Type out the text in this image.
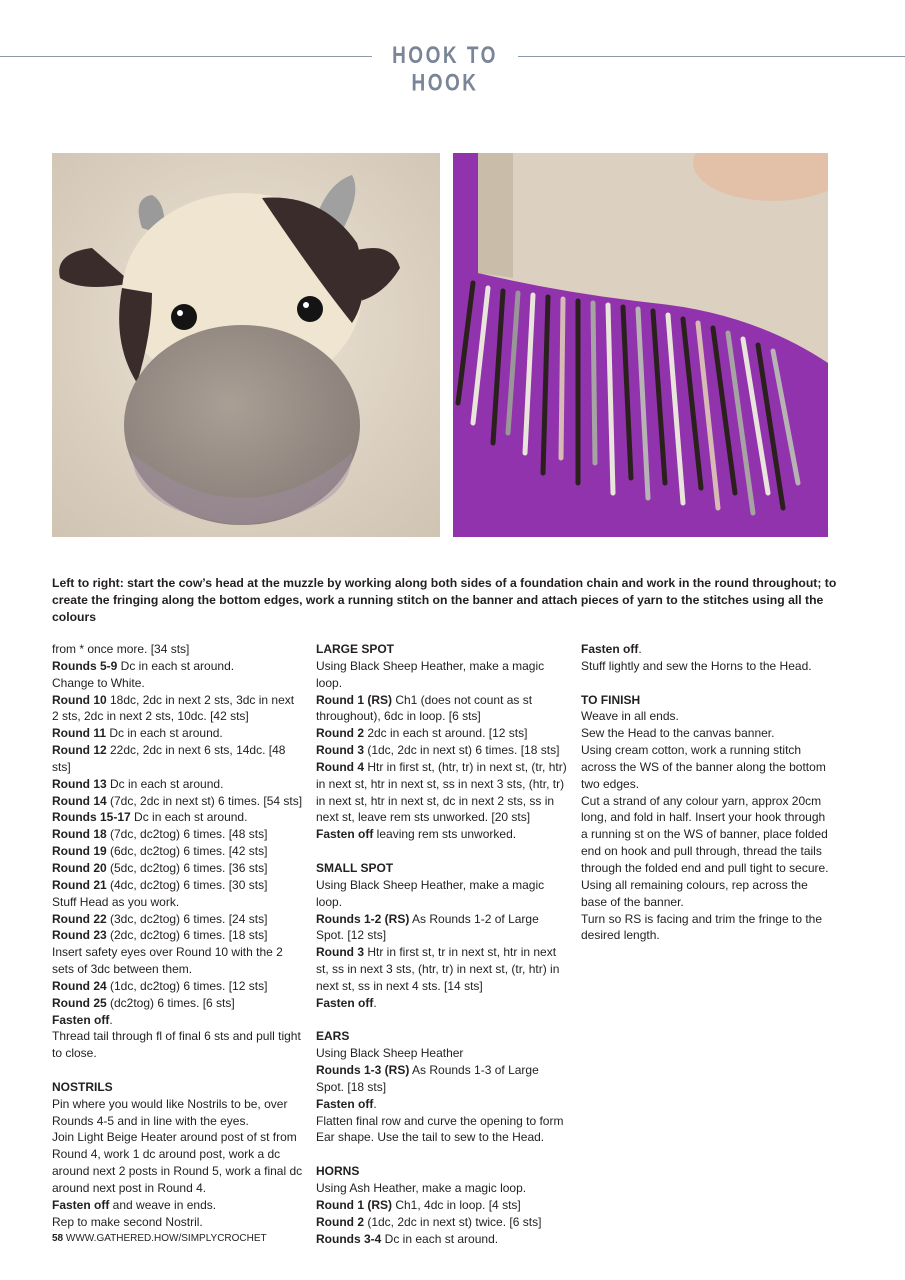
HOOK TO HOOK
Left to right: start the cow’s head at the muzzle by working along both sides of a foundation chain and work in the round throughout; to create the fringing along the bottom edges, work a running stitch on the banner and attach pieces of yarn to the stitches using all the colours

from * once more. [34 sts]

Rounds 5-9 Dc in each st around.

Change to White.

Round 10 18dc, 2dc in next 2 sts, 3dc in next 2 sts, 2dc in next 2 sts, 10dc. [42 sts]

Round 11 Dc in each st around.

Round 12 22dc, 2dc in next 6 sts, 14dc. [48 sts]

Round 13 Dc in each st around.

Round 14 (7dc, 2dc in next st) 6 times. [54 sts]

Rounds 15-17 Dc in each st around.

Round 18 (7dc, dc2tog) 6 times. [48 sts]

Round 19 (6dc, dc2tog) 6 times. [42 sts]

Round 20 (5dc, dc2tog) 6 times. [36 sts]

Round 21 (4dc, dc2tog) 6 times. [30 sts]

Stuff Head as you work.

Round 22 (3dc, dc2tog) 6 times. [24 sts]

Round 23 (2dc, dc2tog) 6 times. [18 sts]

Insert safety eyes over Round 10 with the 2 sets of 3dc between them.

Round 24 (1dc, dc2tog) 6 times. [12 sts]

Round 25 (dc2tog) 6 times. [6 sts]

Fasten off.

Thread tail through fl of final 6 sts and pull tight to close.

NOSTRILS

Pin where you would like Nostrils to be, over Rounds 4-5 and in line with the eyes.

Join Light Beige Heater around post of st from Round 4, work 1 dc around post, work a dc around next 2 posts in Round 5, work a final dc around next post in Round 4.

Fasten off and weave in ends.

Rep to make second Nostril.

LARGE SPOT

Using Black Sheep Heather, make a magic loop.

Round 1 (RS) Ch1 (does not count as st throughout), 6dc in loop. [6 sts]

Round 2 2dc in each st around. [12 sts]

Round 3 (1dc, 2dc in next st) 6 times. [18 sts]

Round 4 Htr in first st, (htr, tr) in next st, (tr, htr) in next st, htr in next st, ss in next 3 sts, (htr, tr) in next st, htr in next st, dc in next 2 sts, ss in next st, leave rem sts unworked. [20 sts]

Fasten off leaving rem sts unworked.

SMALL SPOT

Using Black Sheep Heather, make a magic loop.

Rounds 1-2 (RS) As Rounds 1-2 of Large Spot. [12 sts]

Round 3 Htr in first st, tr in next st, htr in next st, ss in next 3 sts, (htr, tr) in next st, (tr, htr) in next st, ss in next 4 sts. [14 sts]

Fasten off.

EARS

Using Black Sheep Heather

Rounds 1-3 (RS) As Rounds 1-3 of Large Spot. [18 sts]

Fasten off.

Flatten final row and curve the opening to form Ear shape. Use the tail to sew to the Head.

HORNS

Using Ash Heather, make a magic loop.

Round 1 (RS) Ch1, 4dc in loop. [4 sts]

Round 2 (1dc, 2dc in next st) twice. [6 sts]

Rounds 3-4 Dc in each st around.

Fasten off.

Stuff lightly and sew the Horns to the Head.

TO FINISH

Weave in all ends.

Sew the Head to the canvas banner.

Using cream cotton, work a running stitch across the WS of the banner along the bottom two edges.

Cut a strand of any colour yarn, approx 20cm long, and fold in half. Insert your hook through a running st on the WS of banner, place folded end on hook and pull through, thread the tails through the folded end and pull tight to secure.

Using all remaining colours, rep across the base of the banner.

Turn so RS is facing and trim the fringe to the desired length.

58 WWW.GATHERED.HOW/SIMPLYCROCHET
